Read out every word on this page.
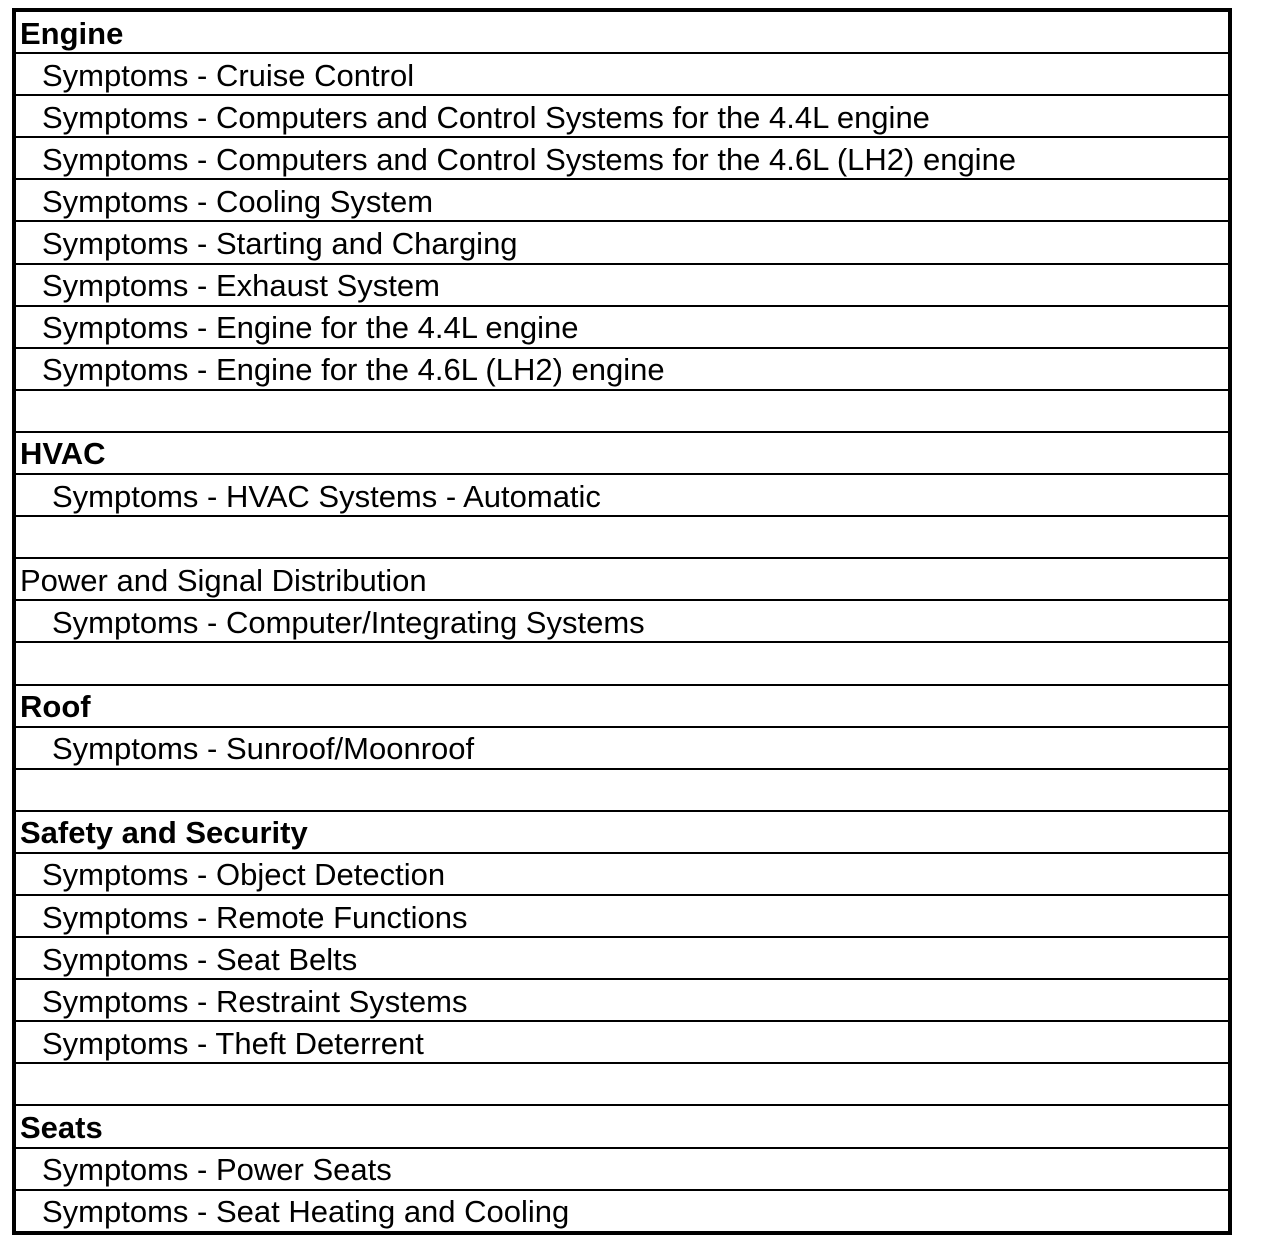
Engine
Symptoms - Cruise Control
Symptoms - Computers and Control Systems for the 4.4L engine
Symptoms - Computers and Control Systems for the 4.6L (LH2) engine
Symptoms - Cooling System
Symptoms - Starting and Charging
Symptoms - Exhaust System
Symptoms - Engine for the 4.4L engine
Symptoms - Engine for the 4.6L (LH2) engine
HVAC
Symptoms - HVAC Systems - Automatic
Power and Signal Distribution
Symptoms - Computer/Integrating Systems
Roof
Symptoms - Sunroof/Moonroof
Safety and Security
Symptoms - Object Detection
Symptoms - Remote Functions
Symptoms - Seat Belts
Symptoms - Restraint Systems
Symptoms - Theft Deterrent
Seats
Symptoms - Power Seats
Symptoms - Seat Heating and Cooling
